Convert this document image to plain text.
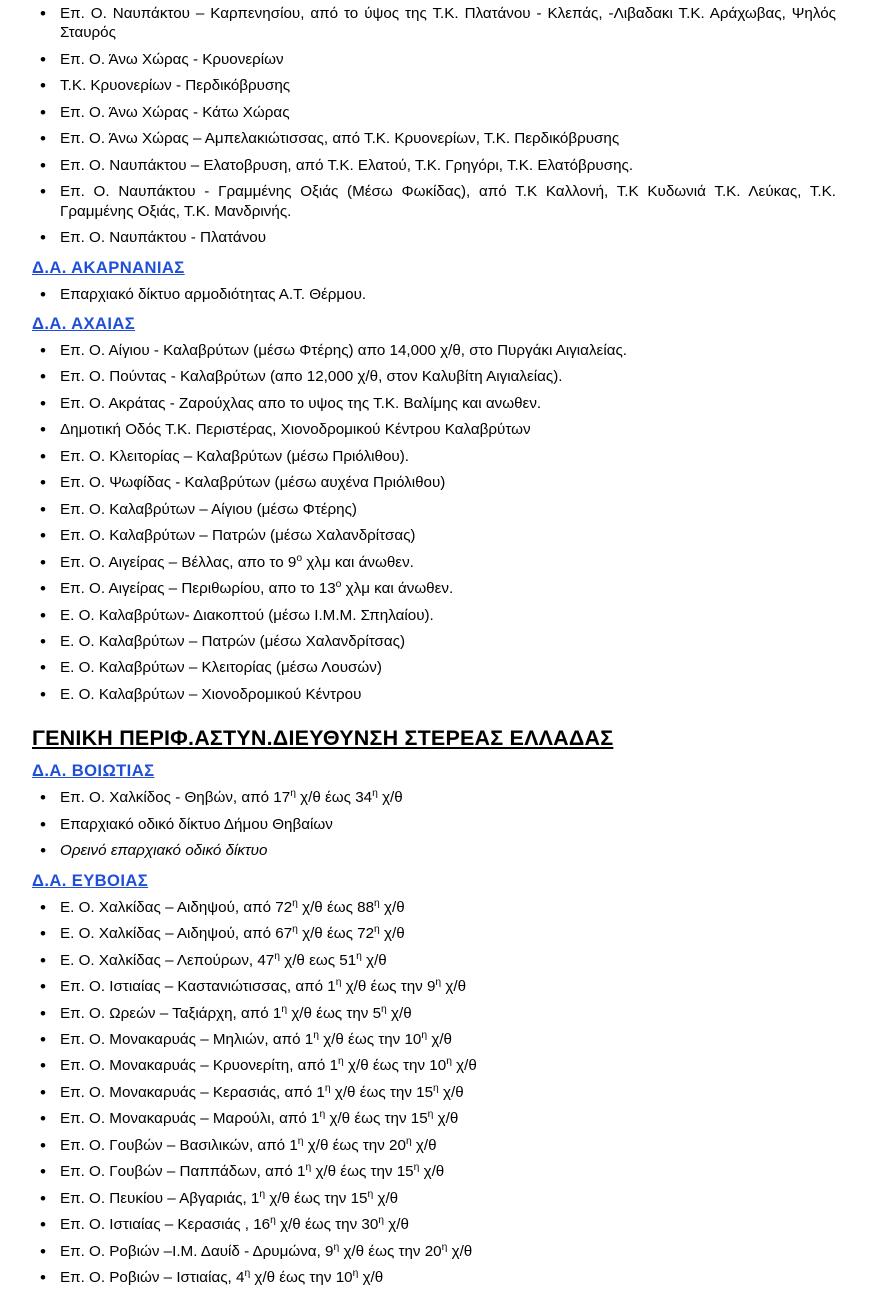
• Επ. Ο. Ναυπάκτου – Καρπενησίου, από το ύψος της Τ.Κ. Πλατάνου - Κλεπάς, -Λιβαδακι Τ.Κ. Αράχωβας, Ψηλός Σταυρός
• Επ. Ο. Άνω Χώρας - Κρυονερίων
• Τ.Κ. Κρυονερίων - Περδικόβρυσης
• Επ. Ο. Άνω Χώρας - Κάτω Χώρας
• Επ. Ο. Άνω Χώρας – Αμπελακιώτισσας, από Τ.Κ. Κρυονερίων, Τ.Κ. Περδικόβρυσης
• Επ. Ο. Ναυπάκτου – Ελατοβρυση, από Τ.Κ. Ελατού, Τ.Κ. Γρηγόρι, Τ.Κ. Ελατόβρυσης.
• Επ. Ο. Ναυπάκτου - Γραμμένης Οξιάς (Μέσω Φωκίδας), από Τ.Κ Καλλονή, Τ.Κ Κυδωνιά Τ.Κ. Λεύκας, Τ.Κ. Γραμμένης Οξιάς, Τ.Κ. Μανδρινής.
• Επ. Ο. Ναυπάκτου - Πλατάνου
Δ.Α. ΑΚΑΡΝΑΝΙΑΣ
• Επαρχιακό δίκτυο αρμοδιότητας Α.Τ. Θέρμου.
Δ.Α. ΑΧΑΙΑΣ
• Επ. Ο. Αίγιου - Καλαβρύτων (μέσω Φτέρης) απο 14,000 χ/θ, στο Πυργάκι Αιγιαλείας.
• Επ. Ο. Πούντας - Καλαβρύτων (απο 12,000 χ/θ, στον Καλυβίτη Αιγιαλείας).
• Επ. Ο. Ακράτας - Ζαρούχλας απο το υψος της Τ.Κ. Βαλίμης και ανωθεν.
• Δημοτική Οδός Τ.Κ. Περιστέρας, Χιονοδρομικού Κέντρου Καλαβρύτων
• Επ. Ο. Κλειτορίας – Καλαβρύτων (μέσω Πριόλιθου).
• Επ. Ο. Ψωφίδας - Καλαβρύτων (μέσω αυχένα Πριόλιθου)
• Επ. Ο. Καλαβρύτων – Αίγιου (μέσω Φτέρης)
• Επ. Ο. Καλαβρύτων – Πατρών (μέσω Χαλανδρίτσας)
• Επ. Ο. Αιγείρας – Βέλλας, απο το $9^o$ χλμ και άνωθεν.
• Επ. Ο. Αιγείρας – Περιθωρίου, απο το $13^o$ χλμ και άνωθεν.
• Ε. Ο. Καλαβρύτων- Διακοπτού (μέσω Ι.Μ.Μ. Σπηλαίου).
• Ε. Ο. Καλαβρύτων – Πατρών (μέσω Χαλανδρίτσας)
• Ε. Ο. Καλαβρύτων – Κλειτορίας (μέσω Λουσών)
• Ε. Ο. Καλαβρύτων – Χιονοδρομικού Κέντρου
ΓΕΝΙΚΗ ΠΕΡΙΦ.ΑΣΤΥΝ.ΔΙΕΥΘΥΝΣΗ ΣΤΕΡΕΑΣ ΕΛΛΑΔΑΣ
Δ.Α. ΒΟΙΩΤΙΑΣ
• Επ. Ο. Χαλκίδος - Θηβών, από $17^\eta$ χ/θ έως $34^\eta$ χ/θ
• Επαρχιακό οδικό δίκτυο Δήμου Θηβαίων
• Ορεινό επαρχιακό οδικό δίκτυο
Δ.Α. ΕΥΒΟΙΑΣ
• Ε. Ο. Χαλκίδας – Αιδηψού, από $72^\eta$ χ/θ έως $88^\eta$ χ/θ
• Ε. Ο. Χαλκίδας – Αιδηψού, από $67^\eta$ χ/θ έως $72^\eta$ χ/θ
• Ε. Ο. Χαλκίδας – Λεπούρων, $47^\eta$ χ/θ εως $51^\eta$ χ/θ
• Επ. Ο. Ιστιαίας – Καστανιώτισσας, από $1^\eta$ χ/θ έως την $9^\eta$ χ/θ
• Επ. Ο. Ωρεών – Ταξιάρχη, από $1^\eta$ χ/θ έως την $5^\eta$ χ/θ
• Επ. Ο. Μονακαρυάς – Μηλιών, από $1^\eta$ χ/θ έως την $10^\eta$ χ/θ
• Επ. Ο. Μονακαρυάς – Κρυονερίτη, από $1^\eta$ χ/θ έως την $10^\eta$ χ/θ
• Επ. Ο. Μονακαρυάς – Κερασιάς, από $1^\eta$ χ/θ έως την $15^\eta$ χ/θ
• Επ. Ο. Μονακαρυάς – Μαρούλι, από $1^\eta$ χ/θ έως την $15^\eta$ χ/θ
• Επ. Ο. Γουβών – Βασιλικών, από $1^\eta$ χ/θ έως την $20^\eta$ χ/θ
• Επ. Ο. Γουβών – Παππάδων, από $1^\eta$ χ/θ έως την $15^\eta$ χ/θ
• Επ. Ο. Πευκίου – Αβγαριάς, $1^\eta$ χ/θ έως την $15^\eta$ χ/θ
• Επ. Ο. Ιστιαίας – Κερασιάς , $16^\eta$ χ/θ έως την $30^\eta$ χ/θ
• Επ. Ο. Ροβιών –Ι.Μ. Δαυίδ - Δρυμώνα, $9^\eta$ χ/θ έως την $20^\eta$ χ/θ
• Επ. Ο. Ροβιών – Ιστιαίας, $4^\eta$ χ/θ έως την $10^\eta$ χ/θ
